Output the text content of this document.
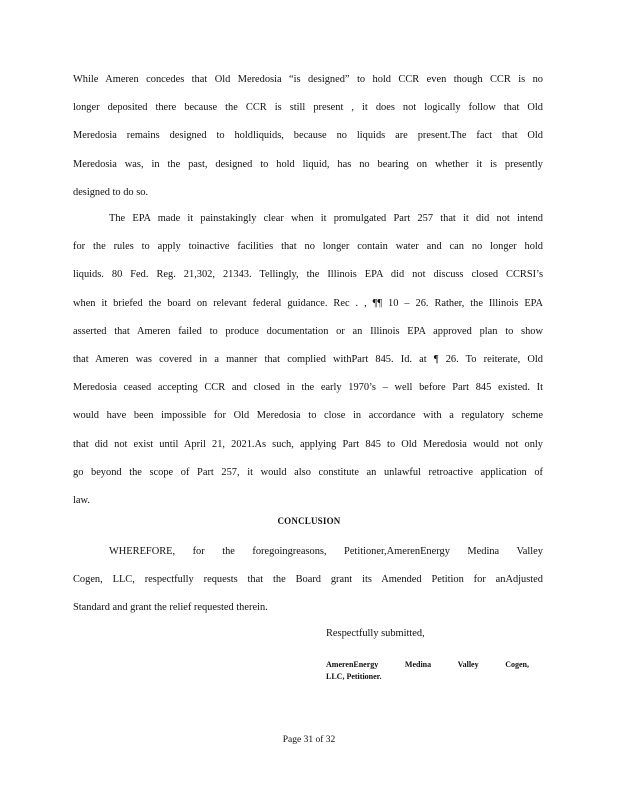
While Ameren concedes that Old Meredosia “is designed” to hold CCR even though CCR is no
longer deposited there because the CCR is still present , it does not logically follow that Old
Meredosia remains designed to holdliquids, because no liquids are present.The fact that Old
Meredosia was, in the past, designed to hold liquid, has no bearing on whether it is presently
designed to do so.
The EPA made it painstakingly clear when it promulgated Part 257 that it did not intend
for the rules to apply toinactive facilities that no longer contain water and can no longer hold
liquids. 80 Fed. Reg. 21,302, 21343. Tellingly, the Illinois EPA did not discuss closed CCRSI’s
when it briefed the board on relevant federal guidance. Rec . , ¶¶ 10 – 26. Rather, the Illinois EPA
asserted that Ameren failed to produce documentation or an Illinois EPA approved plan to show
that Ameren was covered in a manner that complied withPart 845. Id. at ¶ 26. To reiterate, Old
Meredosia ceased accepting CCR and closed in the early 1970’s – well before Part 845 existed. It
would have been impossible for Old Meredosia to close in accordance with a regulatory scheme
that did not exist until April 21, 2021.As such, applying Part 845 to Old Meredosia would not only
go beyond the scope of Part 257, it would also constitute an unlawful retroactive application of
law.
CONCLUSION
WHEREFORE, for the foregoingreasons, Petitioner,AmerenEnergy Medina Valley
Cogen, LLC, respectfully requests that the Board grant its Amended Petition for anAdjusted
Standard and grant the relief requested therein.
Respectfully submitted,
AmerenEnergy Medina Valley Cogen,
LLC, Petitioner.
Page 31 of 32
